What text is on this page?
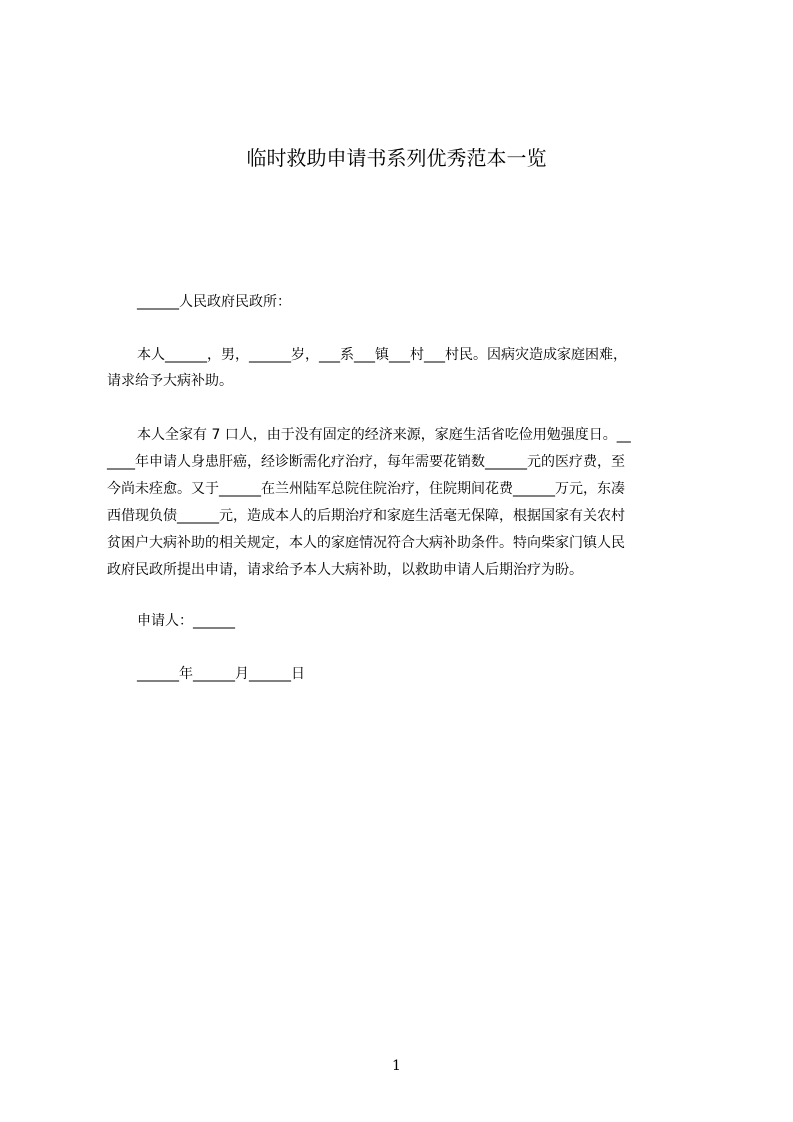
临时救助申请书系列优秀范本一览
______人民政府民政所：
本人______，男，______岁，___系___镇___村___村民。因病灾造成家庭困难，
请求给予大病补助。
本人全家有 7 口人，由于没有固定的经济来源，家庭生活省吃俭用勉强度日。__
____年申请人身患肝癌，经诊断需化疗治疗，每年需要花销数______元的医疗费，至
今尚未痊愈。又于______在兰州陆军总院住院治疗，住院期间花费______万元，东凑
西借现负债______元，造成本人的后期治疗和家庭生活毫无保障，根据国家有关农村
贫困户大病补助的相关规定，本人的家庭情况符合大病补助条件。特向柴家门镇人民
政府民政所提出申请，请求给予本人大病补助，以救助申请人后期治疗为盼。
申请人：______
______年______月______日
1
